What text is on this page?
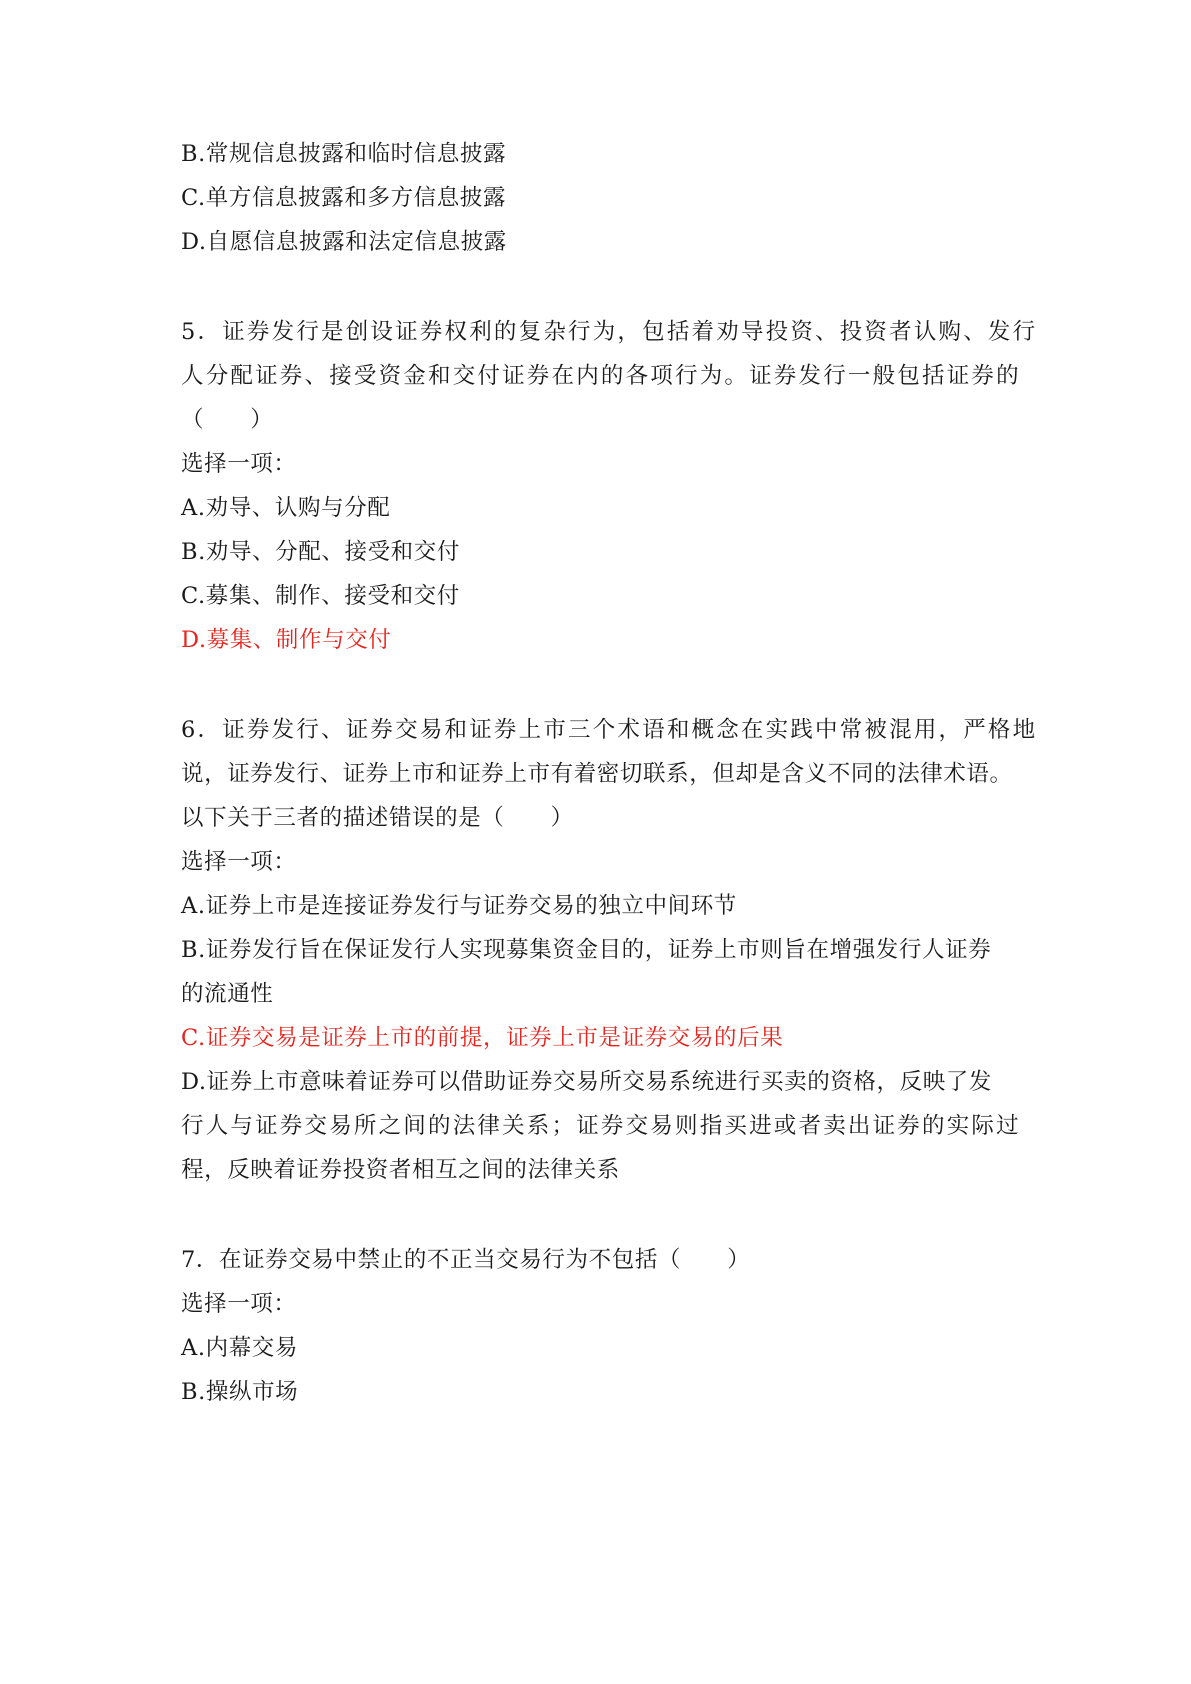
B.常规信息披露和临时信息披露
C.单方信息披露和多方信息披露
D.自愿信息披露和法定信息披露
5．证券发行是创设证券权利的复杂行为，包括着劝导投资、投资者认购、发行
人分配证券、接受资金和交付证券在内的各项行为。证券发行一般包括证券的
（　　）
选择一项：
A.劝导、认购与分配
B.劝导、分配、接受和交付
C.募集、制作、接受和交付
D.募集、制作与交付
6．证券发行、证券交易和证券上市三个术语和概念在实践中常被混用，严格地
说，证券发行、证券上市和证券上市有着密切联系，但却是含义不同的法律术语。
以下关于三者的描述错误的是（　　）
选择一项：
A.证券上市是连接证券发行与证券交易的独立中间环节
B.证券发行旨在保证发行人实现募集资金目的，证券上市则旨在增强发行人证券
的流通性
C.证券交易是证券上市的前提，证券上市是证券交易的后果
D.证券上市意味着证券可以借助证券交易所交易系统进行买卖的资格，反映了发
行人与证券交易所之间的法律关系；证券交易则指买进或者卖出证券的实际过
程，反映着证券投资者相互之间的法律关系
7．在证券交易中禁止的不正当交易行为不包括（　　）
选择一项：
A.内幕交易
B.操纵市场
